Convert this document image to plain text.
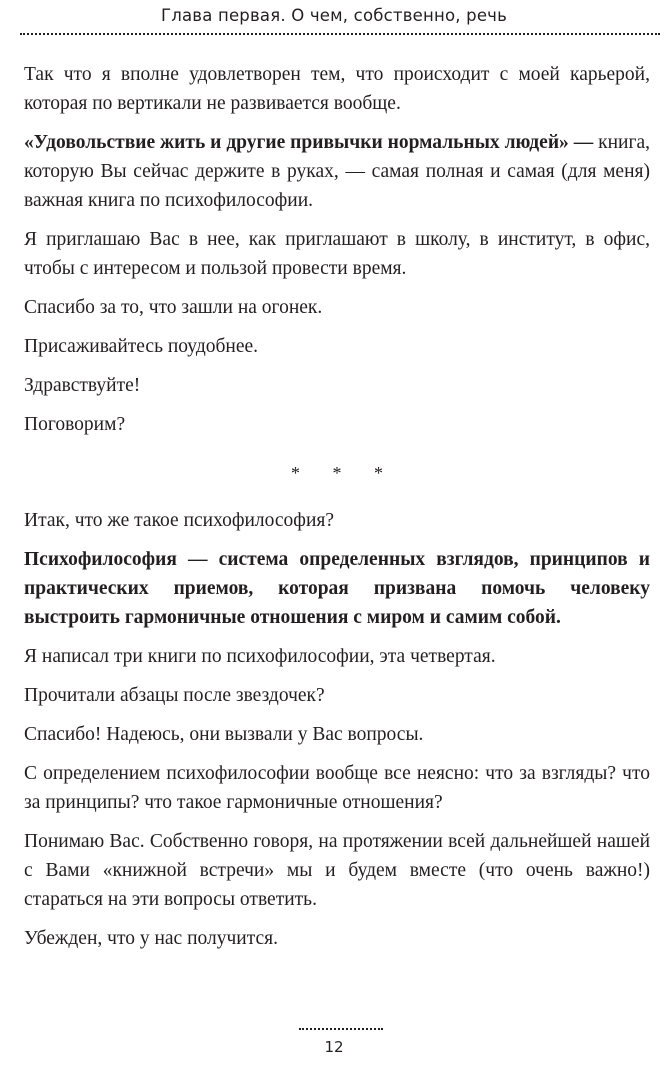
Глава первая. О чем, собственно, речь

Так что я вполне удовлетворен тем, что происходит с моей карьерой, которая по вертикали не развивается вообще.

«Удовольствие жить и другие привычки нормальных людей» — книга, которую Вы сейчас держите в руках, — самая полная и самая (для меня) важная книга по психофилософии.

Я приглашаю Вас в нее, как приглашают в школу, в институт, в офис, чтобы с интересом и пользой провести время.

Спасибо за то, что зашли на огонек.

Присаживайтесь поудобнее.

Здравствуйте!

Поговорим?

* * *

Итак, что же такое психофилософия?

Психофилософия — система определенных взглядов, принципов и практических приемов, которая призвана помочь человеку выстроить гармоничные отношения с миром и самим собой.

Я написал три книги по психофилософии, эта четвертая.

Прочитали абзацы после звездочек?

Спасибо! Надеюсь, они вызвали у Вас вопросы.

С определением психофилософии вообще все неясно: что за взгляды? что за принципы? что такое гармоничные отношения?

Понимаю Вас. Собственно говоря, на протяжении всей дальнейшей нашей с Вами «книжной встречи» мы и будем вместе (что очень важно!) стараться на эти вопросы ответить.

Убежден, что у нас получится.

12
